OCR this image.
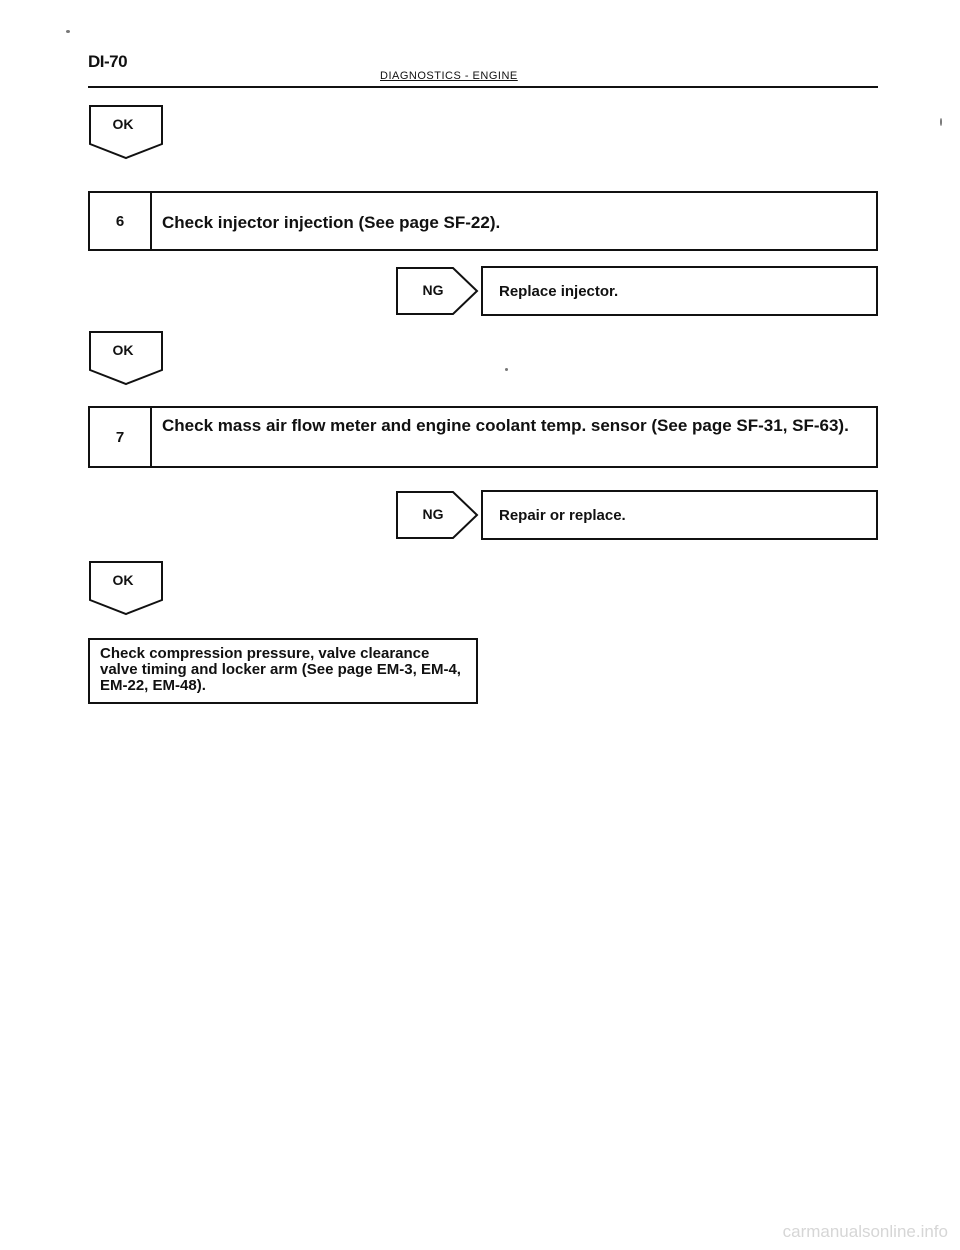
DI-70
DIAGNOSTICS - ENGINE
OK
6	Check injector injection (See page SF-22).
NG	Replace injector.
OK
7
Check mass air flow meter and engine coolant temp. sensor (See page SF-31, SF-63).
NG	Repair or replace.
OK
Check compression pressure, valve clearance valve timing and locker arm (See page EM-3, EM-4, EM-22, EM-48).
carmanualsonline.info
